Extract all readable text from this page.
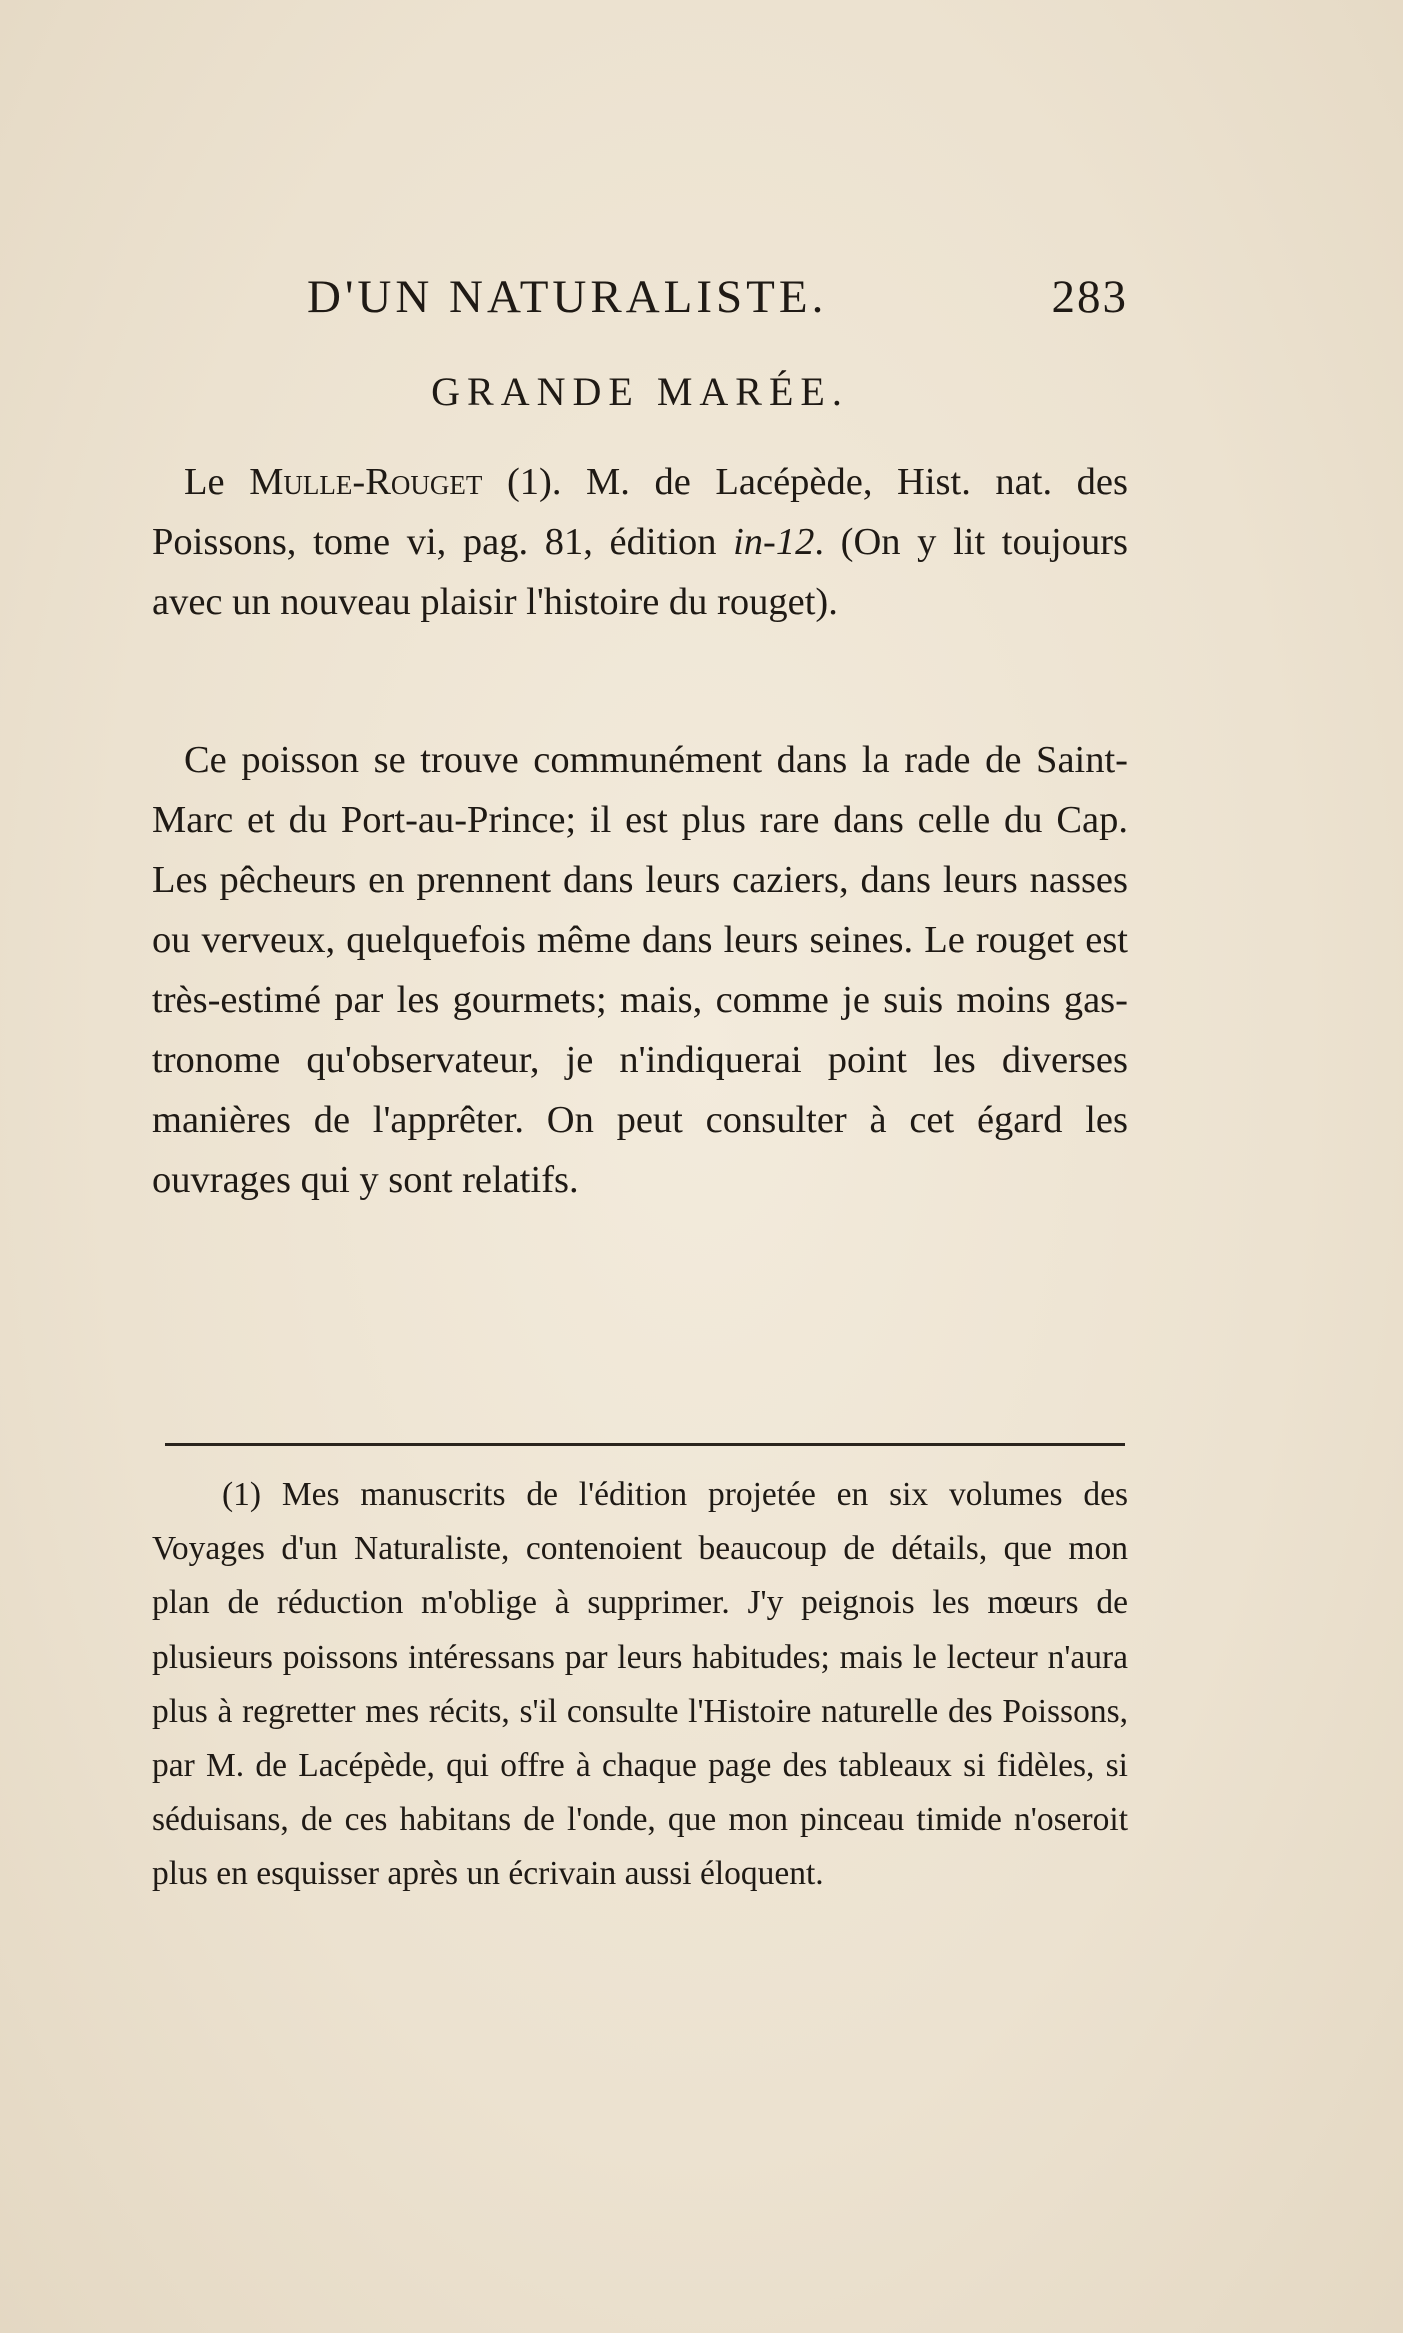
D'UN NATURALISTE.	283
GRANDE MARÉE.

Le Mulle-Rouget (1). M. de Lacépède, Hist. nat. des Poissons, tome vi, pag. 81, édition in-12. (On y lit toujours avec un nouveau plaisir l'histoire du rouget).

Ce poisson se trouve communément dans la rade de Saint-Marc et du Port-au-Prince; il est plus rare dans celle du Cap. Les pêcheurs en prennent dans leurs caziers, dans leurs nasses ou verveux, quelquefois même dans leurs seines. Le rouget est très-estimé par les gourmets; mais, comme je suis moins gastronome qu'observateur, je n'indiquerai point les diverses manières de l'apprêter. On peut consulter à cet égard les ouvrages qui y sont relatifs.

(1) Mes manuscrits de l'édition projetée en six volumes des Voyages d'un Naturaliste, contenoient beaucoup de détails, que mon plan de réduction m'oblige à supprimer. J'y peignois les mœurs de plusieurs poissons intéressans par leurs habitudes; mais le lecteur n'aura plus à regretter mes récits, s'il consulte l'Histoire naturelle des Poissons, par M. de Lacépède, qui offre à chaque page des tableaux si fidèles, si séduisans, de ces habitans de l'onde, que mon pinceau timide n'oseroit plus en esquisser après un écrivain aussi éloquent.
